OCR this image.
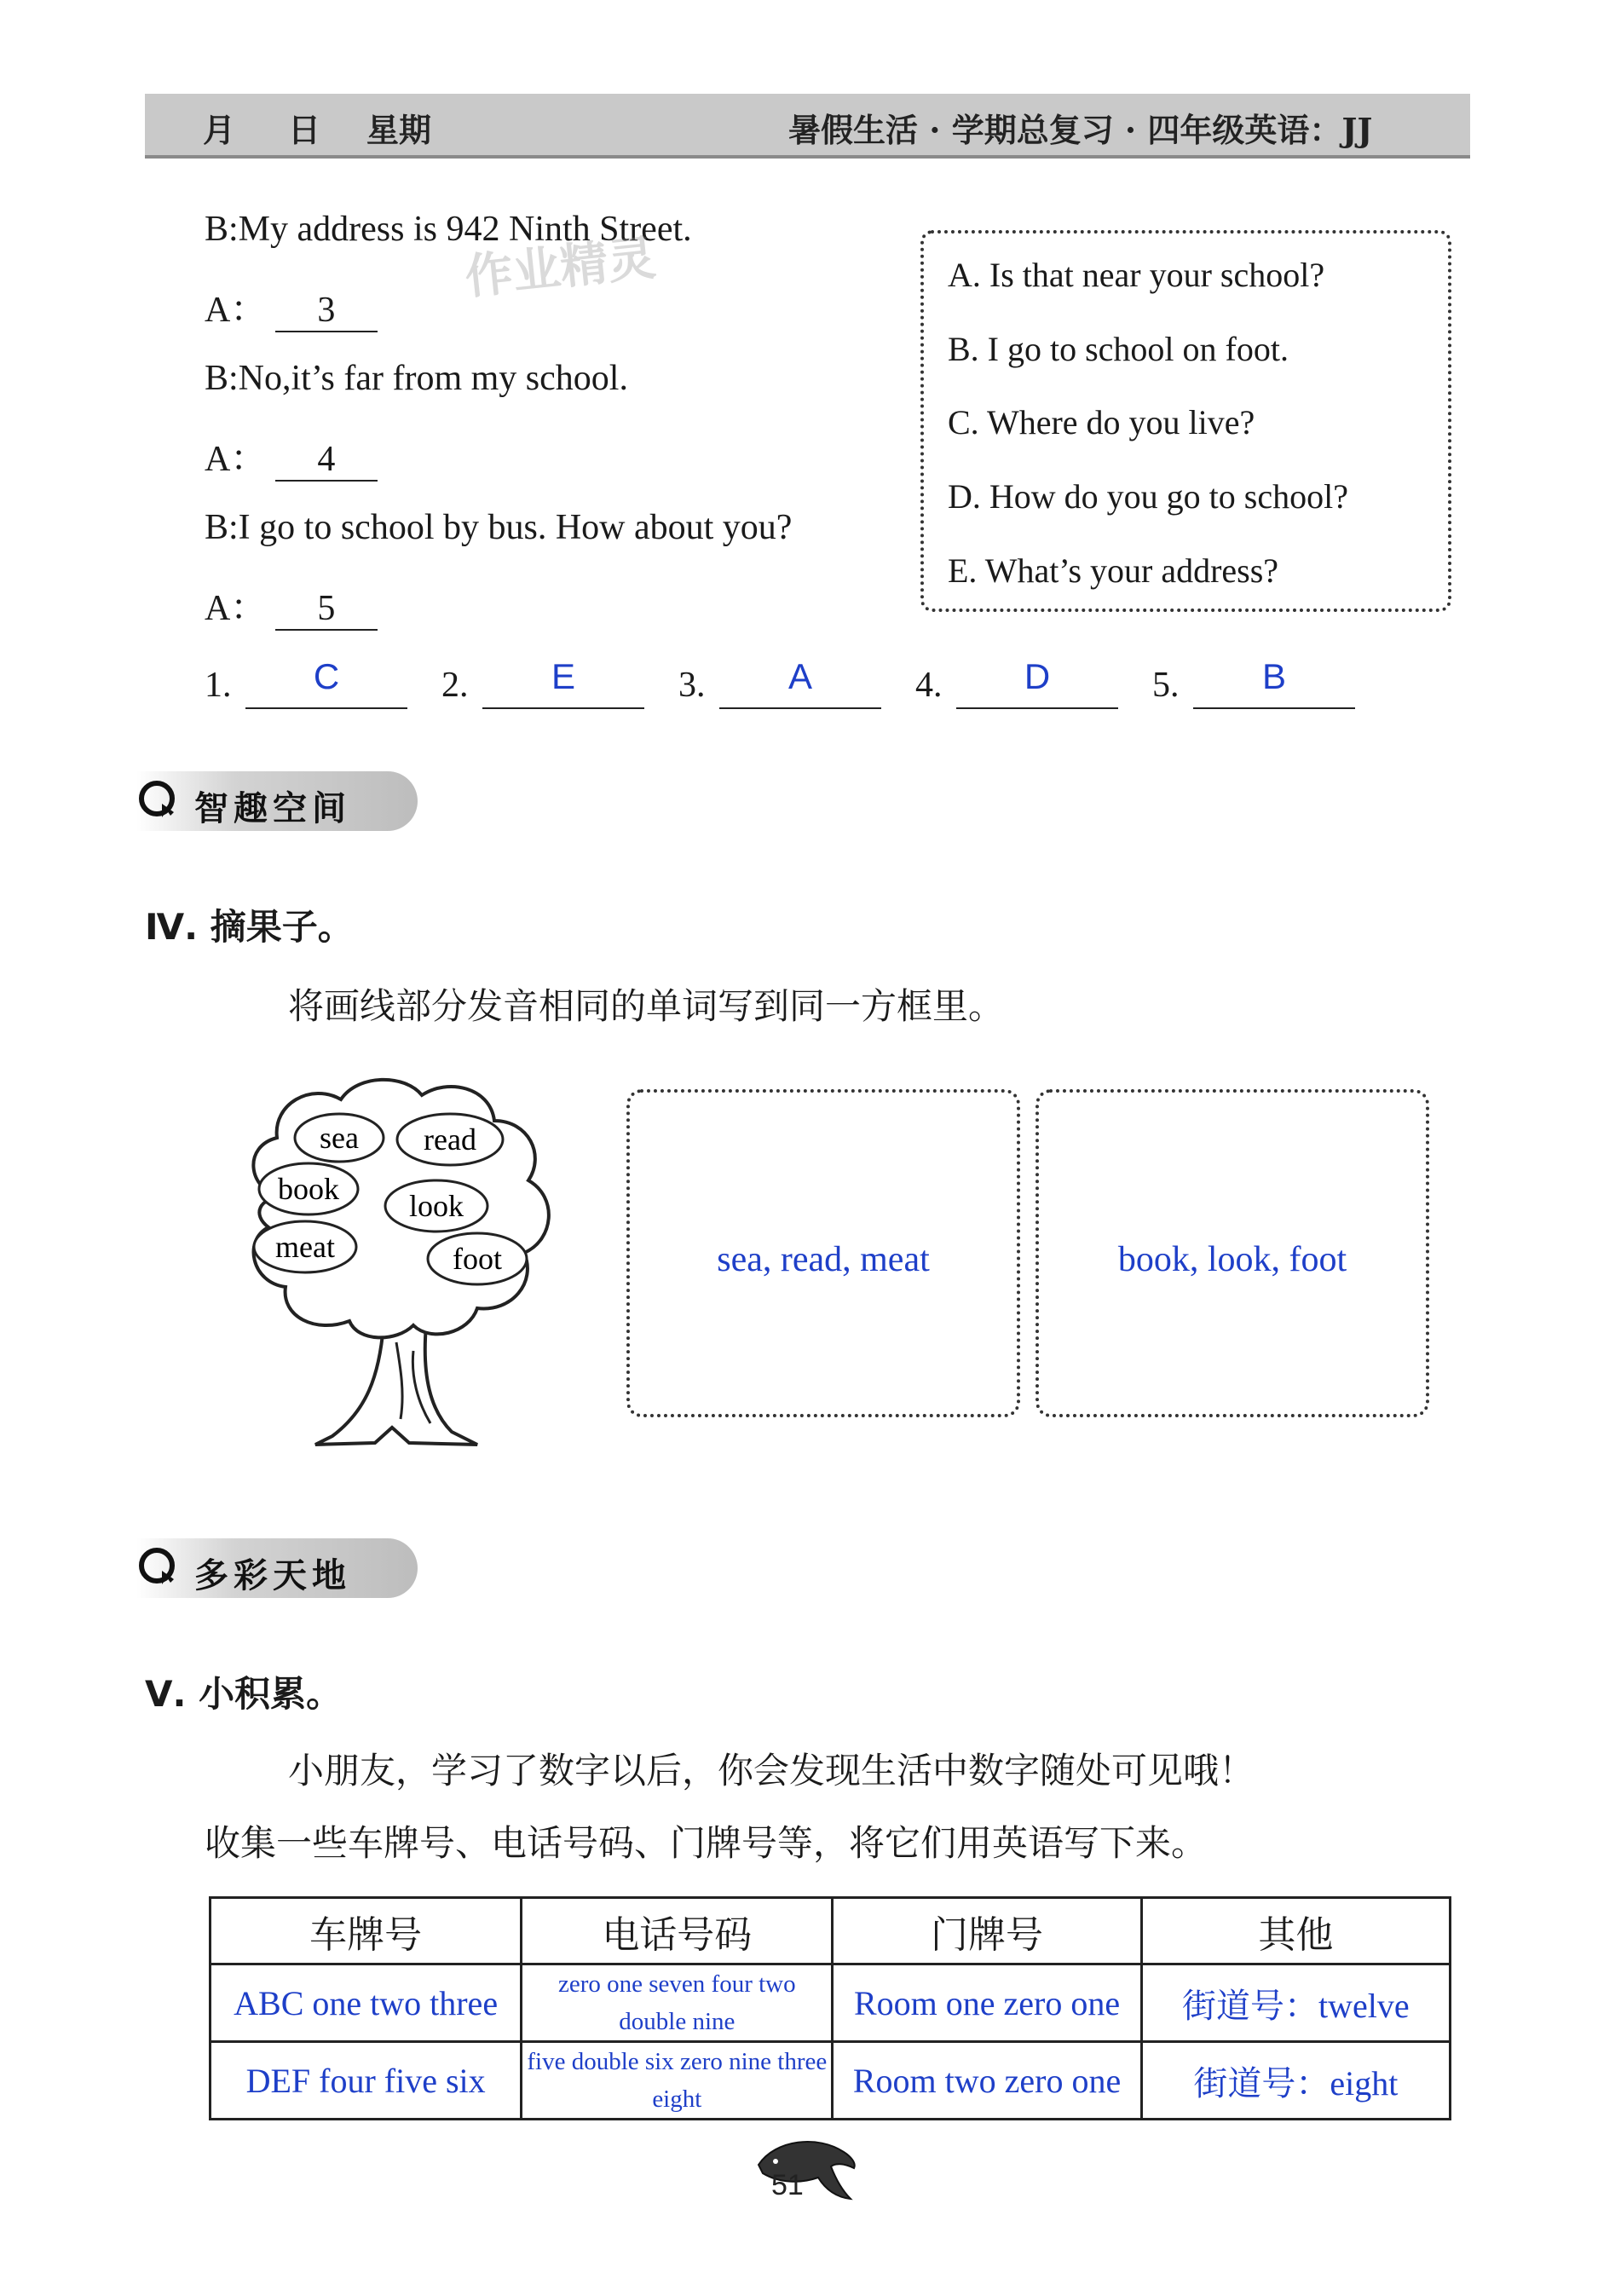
月 日 星期	暑假生活 · 学期总复习 · 四年级英语：JJ
B:My address is 942 Ninth Street.
A： 3
B:No,it’s far from my school.
A： 4
B:I go to school by bus. How about you?
A： 5
A. Is that near your school?
B. I go to school on foot.
C. Where do you live?
D. How do you go to school?
E. What’s your address?
1.	C	2.	E	3.	A	4.	D	5.	B
智趣空间
Ⅳ. 摘果子。
将画线部分发音相同的单词写到同一方框里。
sea read
book look
meat	foot	sea, read, meat	book, look, foot
多彩天地
Ⅴ. 小积累。
小朋友，学习了数字以后，你会发现生活中数字随处可见哦！
收集一些车牌号、电话号码、门牌号等，将它们用英语写下来。
车牌号	电话号码	门牌号	其他
ABC one two three	zero one seven four two double nine	Room one zero one	街道号：twelve
DEF four five six	five double six zero nine three eight	Room two zero one	街道号：eight
作业精灵
51
